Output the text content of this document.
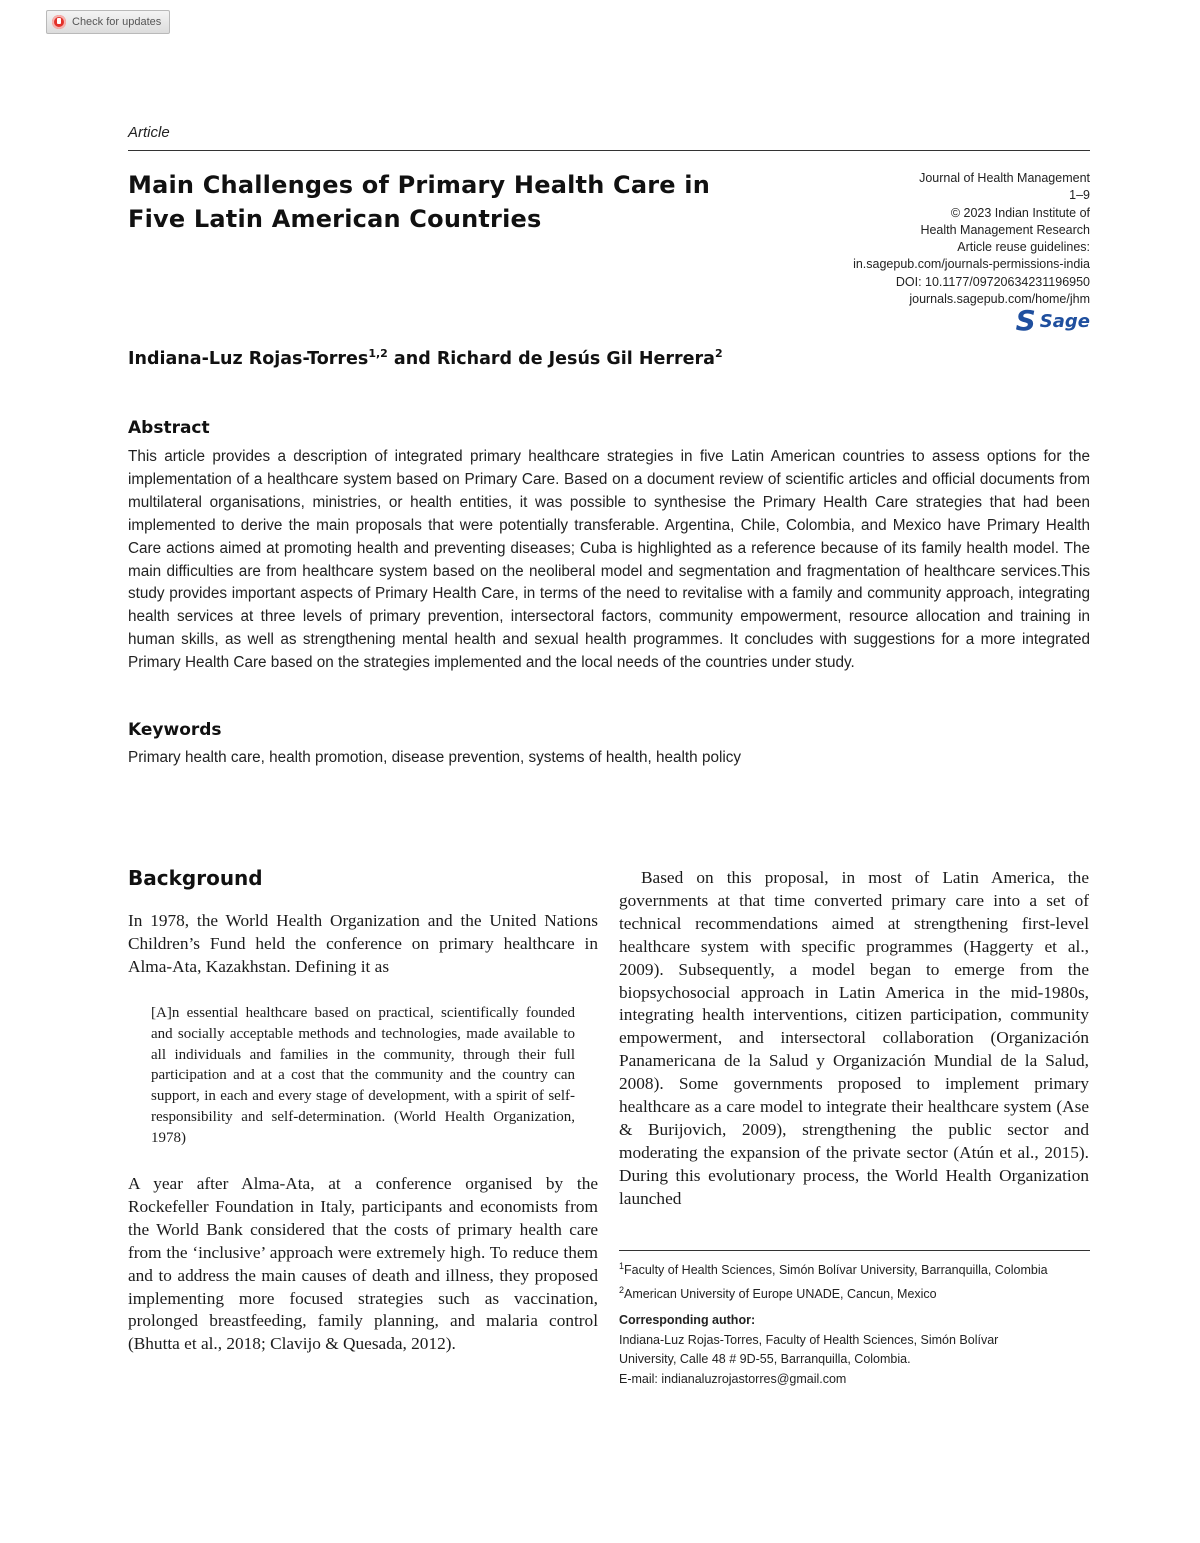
Check for updates
Article
Main Challenges of Primary Health Care in
Five Latin American Countries
Journal of Health Management
1–9
© 2023 Indian Institute of
Health Management Research
Article reuse guidelines:
in.sagepub.com/journals-permissions-india
DOI: 10.1177/09720634231196950
journals.sagepub.com/home/jhm
S Sage
Indiana-Luz Rojas-Torres$^{1,2}$ and Richard de Jesús Gil Herrera$^2$
Abstract

This article provides a description of integrated primary healthcare strategies in five Latin American countries to assess options for the implementation of a healthcare system based on Primary Care. Based on a document review of scientific articles and official documents from multilateral organisations, ministries, or health entities, it was possible to synthesise the Primary Health Care strategies that had been implemented to derive the main proposals that were potentially transferable. Argentina, Chile, Colombia, and Mexico have Primary Health Care actions aimed at promoting health and preventing diseases; Cuba is highlighted as a reference because of its family health model. The main difficulties are from healthcare system based on the neoliberal model and segmentation and fragmentation of healthcare services.This study provides important aspects of Primary Health Care, in terms of the need to revitalise with a family and community approach, integrating health services at three levels of primary prevention, intersectoral factors, community empowerment, resource allocation and training in human skills, as well as strengthening mental health and sexual health programmes. It concludes with suggestions for a more integrated Primary Health Care based on the strategies implemented and the local needs of the countries under study.

Keywords
Primary health care, health promotion, disease prevention, systems of health, health policy
Background

In 1978, the World Health Organization and the United Nations Children’s Fund held the conference on primary healthcare in Alma-Ata, Kazakhstan. Defining it as

[A]n essential healthcare based on practical, scientifically founded and socially acceptable methods and technologies, made available to all individuals and families in the community, through their full participation and at a cost that the community and the country can support, in each and every stage of development, with a spirit of self-responsibility and self-determination. (World Health Organization, 1978)

A year after Alma-Ata, at a conference organised by the Rockefeller Foundation in Italy, participants and economists from the World Bank considered that the costs of primary health care from the ‘inclusive’ approach were extremely high. To reduce them and to address the main causes of death and illness, they proposed implementing more focused strategies such as vaccination, prolonged breastfeeding, family planning, and malaria control (Bhutta et al., 2018; Clavijo & Quesada, 2012).

Based on this proposal, in most of Latin America, the governments at that time converted primary care into a set of technical recommendations aimed at strengthening first-level healthcare system with specific programmes (Haggerty et al., 2009). Subsequently, a model began to emerge from the biopsychosocial approach in Latin America in the mid-1980s, integrating health interventions, citizen participation, community empowerment, and intersectoral collaboration (Organización Panamericana de la Salud y Organización Mundial de la Salud, 2008). Some governments proposed to implement primary healthcare as a care model to integrate their healthcare system (Ase & Burijovich, 2009), strengthening the public sector and moderating the expansion of the private sector (Atún et al., 2015). During this evolutionary process, the World Health Organization launched

$^1$Faculty of Health Sciences, Simón Bolívar University, Barranquilla, Colombia
$^2$American University of Europe UNADE, Cancun, Mexico
Corresponding author:
Indiana-Luz Rojas-Torres, Faculty of Health Sciences, Simón Bolívar
University, Calle 48 # 9D-55, Barranquilla, Colombia.
E-mail: indianaluzrojastorres@gmail.com
